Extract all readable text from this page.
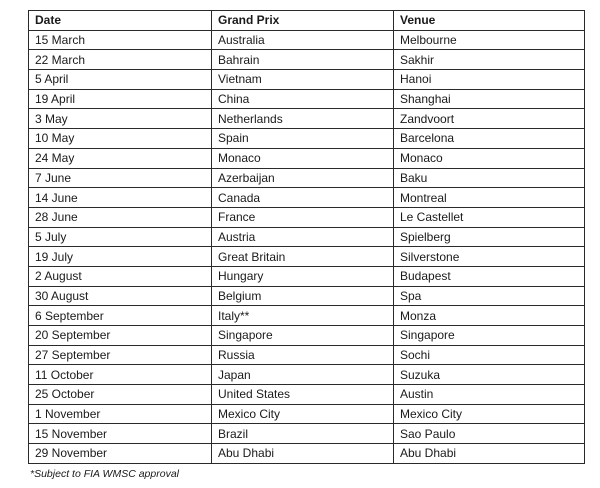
Date	Grand Prix	Venue
15 March	Australia	Melbourne
22 March	Bahrain	Sakhir
5 April	Vietnam	Hanoi
19 April	China	Shanghai
3 May	Netherlands	Zandvoort
10 May	Spain	Barcelona
24 May	Monaco	Monaco
7 June	Azerbaijan	Baku
14 June	Canada	Montreal
28 June	France	Le Castellet
5 July	Austria	Spielberg
19 July	Great Britain	Silverstone
2 August	Hungary	Budapest
30 August	Belgium	Spa
6 September	Italy**	Monza
20 September	Singapore	Singapore
27 September	Russia	Sochi
11 October	Japan	Suzuka
25 October	United States	Austin
1 November	Mexico City	Mexico City
15 November	Brazil	Sao Paulo
29 November	Abu Dhabi	Abu Dhabi
*Subject to FIA WMSC approval
